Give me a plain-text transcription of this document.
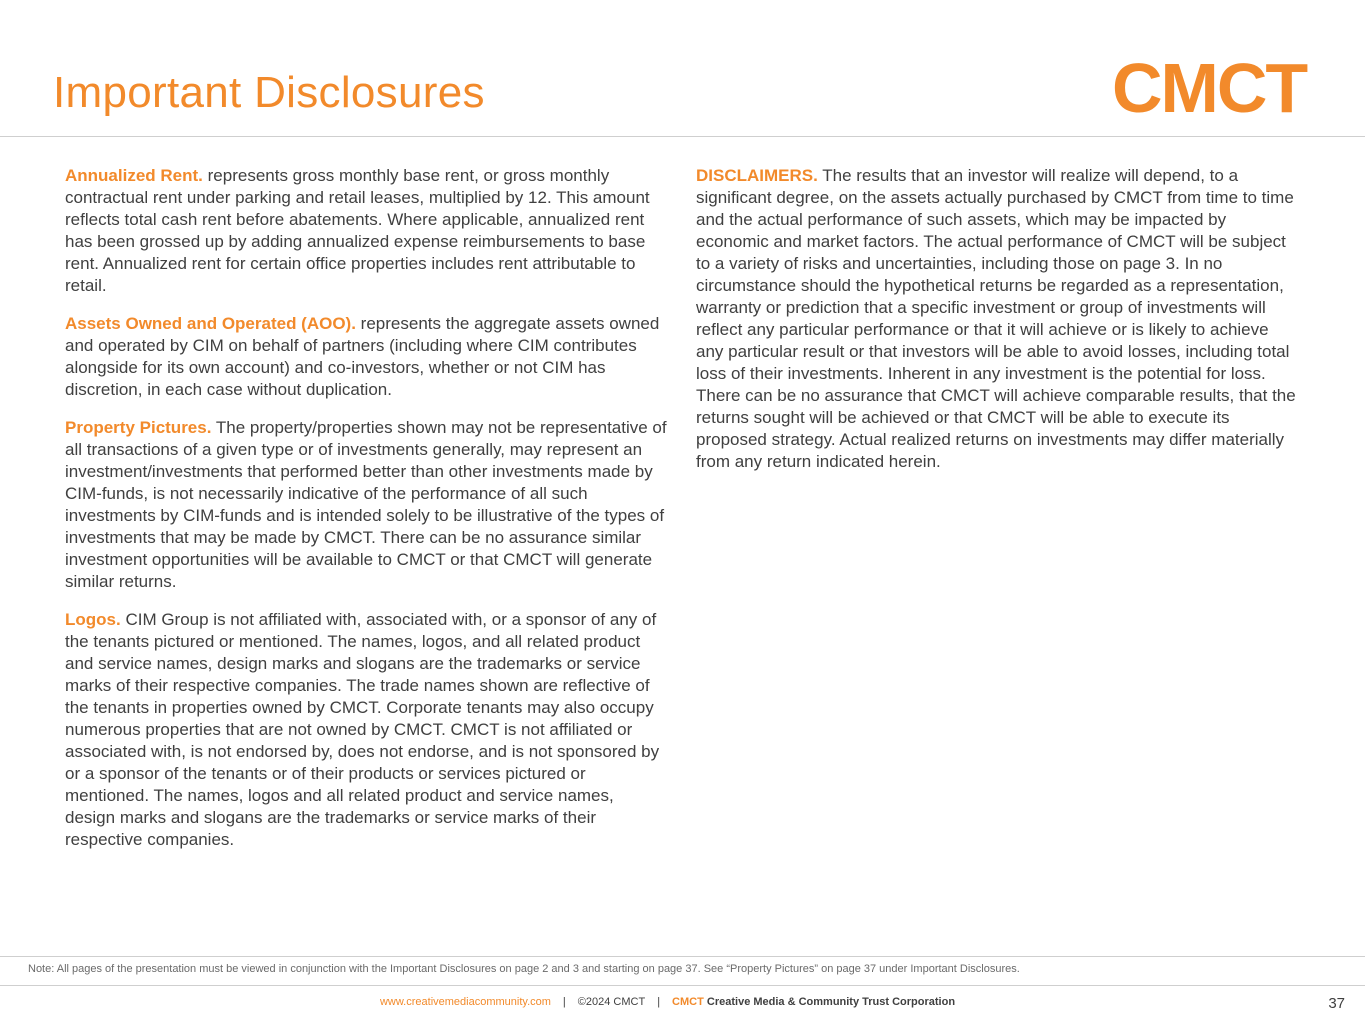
Important Disclosures	CMCT

Annualized Rent. represents gross monthly base rent, or gross monthly contractual rent under parking and retail leases, multiplied by 12. This amount reflects total cash rent before abatements. Where applicable, annualized rent has been grossed up by adding annualized expense reimbursements to base rent. Annualized rent for certain office properties includes rent attributable to retail.

Assets Owned and Operated (AOO). represents the aggregate assets owned and operated by CIM on behalf of partners (including where CIM contributes alongside for its own account) and co-investors, whether or not CIM has discretion, in each case without duplication.

Property Pictures. The property/properties shown may not be representative of all transactions of a given type or of investments generally, may represent an investment/investments that performed better than other investments made by CIM-funds, is not necessarily indicative of the performance of all such investments by CIM-funds and is intended solely to be illustrative of the types of investments that may be made by CMCT. There can be no assurance similar investment opportunities will be available to CMCT or that CMCT will generate similar returns.

Logos. CIM Group is not affiliated with, associated with, or a sponsor of any of the tenants pictured or mentioned. The names, logos, and all related product and service names, design marks and slogans are the trademarks or service marks of their respective companies. The trade names shown are reflective of the tenants in properties owned by CMCT. Corporate tenants may also occupy numerous properties that are not owned by CMCT. CMCT is not affiliated or associated with, is not endorsed by, does not endorse, and is not sponsored by or a sponsor of the tenants or of their products or services pictured or mentioned. The names, logos and all related product and service names, design marks and slogans are the trademarks or service marks of their respective companies.

DISCLAIMERS. The results that an investor will realize will depend, to a significant degree, on the assets actually purchased by CMCT from time to time and the actual performance of such assets, which may be impacted by economic and market factors. The actual performance of CMCT will be subject to a variety of risks and uncertainties, including those on page 3. In no circumstance should the hypothetical returns be regarded as a representation, warranty or prediction that a specific investment or group of investments will reflect any particular performance or that it will achieve or is likely to achieve any particular result or that investors will be able to avoid losses, including total loss of their investments. Inherent in any investment is the potential for loss. There can be no assurance that CMCT will achieve comparable results, that the returns sought will be achieved or that CMCT will be able to execute its proposed strategy. Actual realized returns on investments may differ materially from any return indicated herein.

Note: All pages of the presentation must be viewed in conjunction with the Important Disclosures on page 2 and 3 and starting on page 37. See “Property Pictures” on page 37 under Important Disclosures.
www.creativemediacommunity.com | ©2024 CMCT | CMCT Creative Media & Community Trust Corporation	37
